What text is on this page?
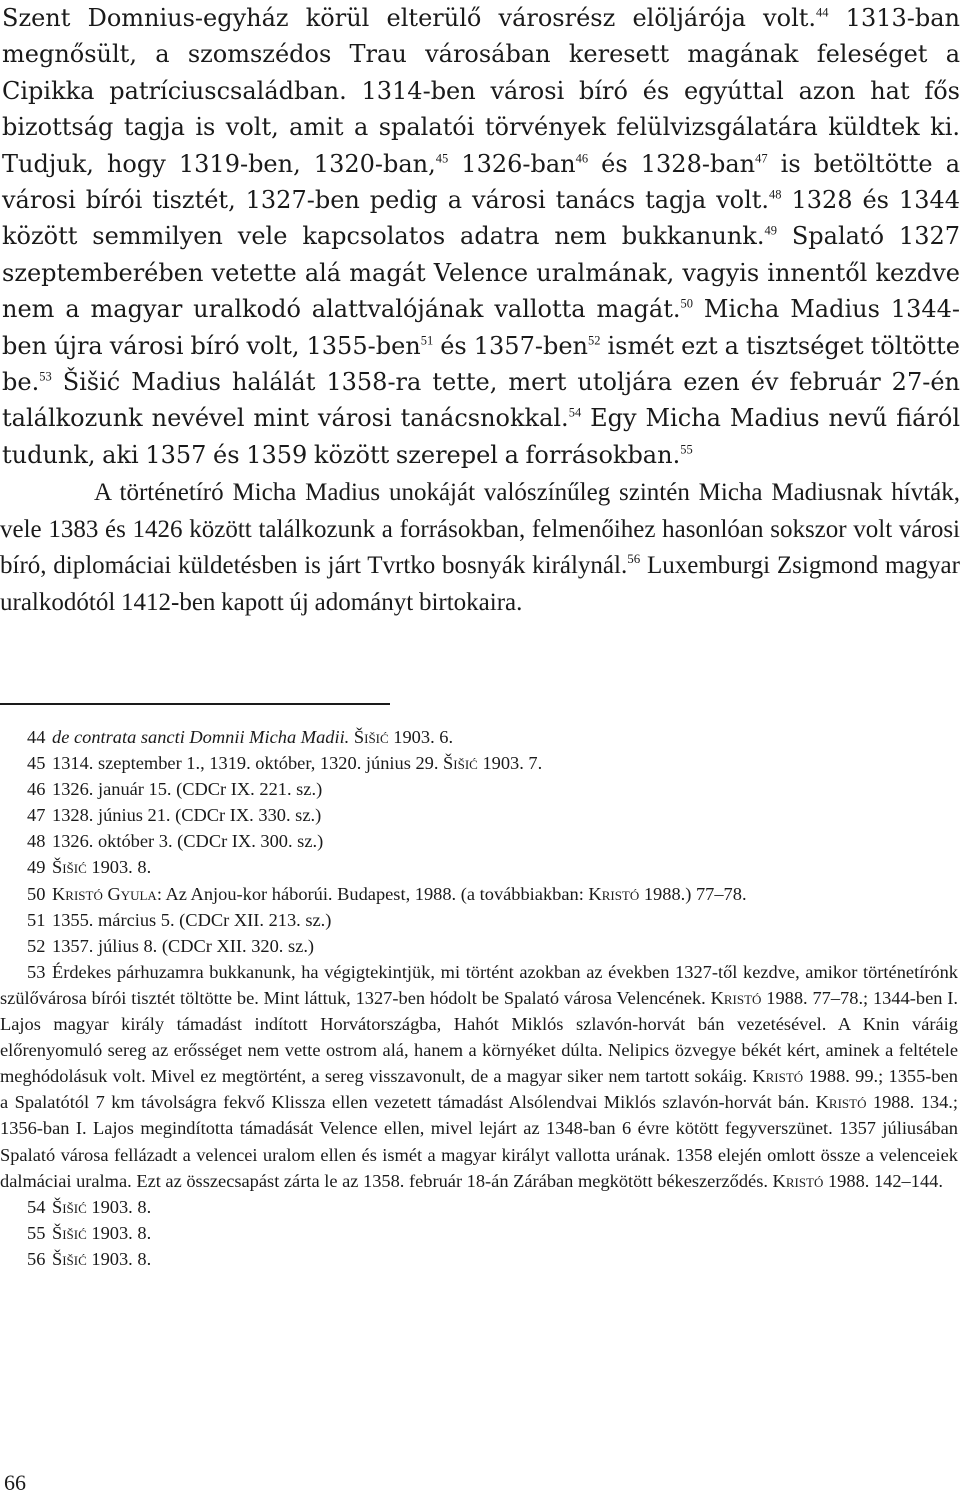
Szent Domnius-egyház körül elterülő városrész elöljárója volt.$^{44}$ 1313-ban megnősült, a szomszédos Trau városában keresett magának feleséget a Cipikka patríciuscsaládban. 1314-ben városi bíró és egyúttal azon hat fős bizottság tagja is volt, amit a spalatói törvények felülvizsgálatára küldtek ki. Tudjuk, hogy 1319-ben, 1320-ban,$^{45}$ 1326-ban$^{46}$ és 1328-ban$^{47}$ is betöltötte a városi bírói tisztét, 1327-ben pedig a városi tanács tagja volt.$^{48}$ 1328 és 1344 között semmilyen vele kapcsolatos adatra nem bukkanunk.$^{49}$ Spalató 1327 szeptemberében vetette alá magát Velence uralmának, vagyis innentől kezdve nem a magyar uralkodó alattvalójának vallotta magát.$^{50}$ Micha Madius 1344-ben újra városi bíró volt, 1355-ben$^{51}$ és 1357-ben$^{52}$ ismét ezt a tisztséget töltötte be.$^{53}$ Šišić Madius halálát 1358-ra tette, mert utoljára ezen év február 27-én találkozunk nevével mint városi tanácsnokkal.$^{54}$ Egy Micha Madius nevű fiáról tudunk, aki 1357 és 1359 között szerepel a forrásokban.$^{55}$

A történetíró Micha Madius unokáját valószínűleg szintén Micha Madiusnak hívták, vele 1383 és 1426 között találkozunk a forrásokban, felmenőihez hasonlóan sokszor volt városi bíró, diplomáciai küldetésben is járt Tvrtko bosnyák királynál.$^{56}$ Luxemburgi Zsigmond magyar uralkodótól 1412-ben kapott új adományt birtokaira.

44 de contrata sancti Domnii Micha Madii. Šišić 1903. 6.

45 1314. szeptember 1., 1319. október, 1320. június 29. Šišić 1903. 7.

46 1326. január 15. (CDCr IX. 221. sz.)

47 1328. június 21. (CDCr IX. 330. sz.)

48 1326. október 3. (CDCr IX. 300. sz.)

49 Šišić 1903. 8.

50 Kristó Gyula: Az Anjou-kor háborúi. Budapest, 1988. (a továbbiakban: Kristó 1988.) 77–78.

51 1355. március 5. (CDCr XII. 213. sz.)

52 1357. július 8. (CDCr XII. 320. sz.)

53 Érdekes párhuzamra bukkanunk, ha végigtekintjük, mi történt azokban az években 1327-től kezdve, amikor történetírónk szülővárosa bírói tisztét töltötte be. Mint láttuk, 1327-ben hódolt be Spalató városa Velencének. Kristó 1988. 77–78.; 1344-ben I. Lajos magyar király támadást indított Horvátországba, Hahót Miklós szlavón-horvát bán vezetésével. A Knin váráig előrenyomuló sereg az erősséget nem vette ostrom alá, hanem a környéket dúlta. Nelipics özvegye békét kért, aminek a feltétele meghódolásuk volt. Mivel ez megtörtént, a sereg visszavonult, de a magyar siker nem tartott sokáig. Kristó 1988. 99.; 1355-ben a Spalatótól 7 km távolságra fekvő Klissza ellen vezetett támadást Alsólendvai Miklós szlavón-horvát bán. Kristó 1988. 134.; 1356-ban I. Lajos megindította támadását Velence ellen, mivel lejárt az 1348-ban 6 évre kötött fegyverszünet. 1357 júliusában Spalató városa fellázadt a velencei uralom ellen és ismét a magyar királyt vallotta urának. 1358 elején omlott össze a velenceiek dalmáciai uralma. Ezt az összecsapást zárta le az 1358. február 18-án Zárában megkötött békeszerződés. Kristó 1988. 142–144.

54 Šišić 1903. 8.

55 Šišić 1903. 8.

56 Šišić 1903. 8.

66
